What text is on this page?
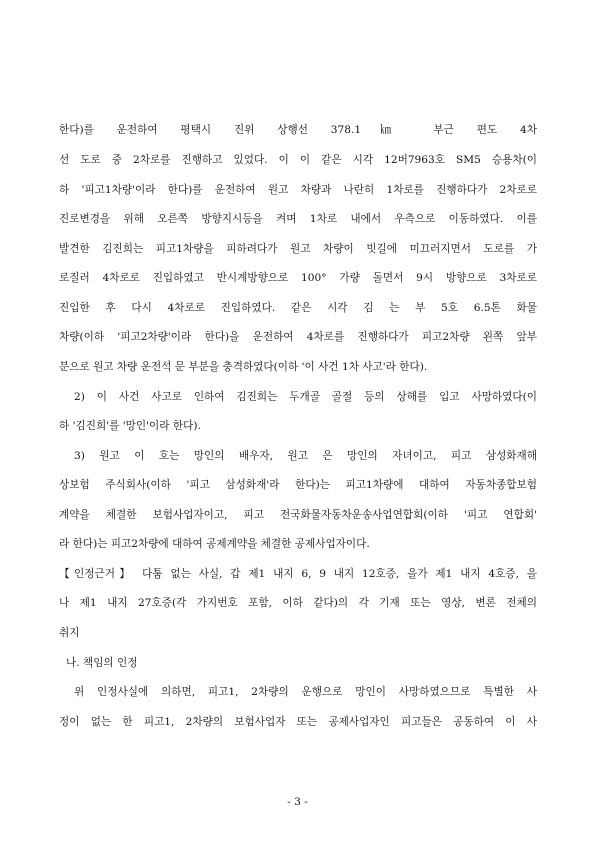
한다)를 운전하여 평택시 진위 상행선 378.1㎞ 부근 편도 4차
선 도로 중 2차로를 진행하고 있었다. 이 이 같은 시각 12버7963호 SM5 승용차(이
하 '피고1차량'이라 한다)를 운전하여 원고 차량과 나란히 1차로를 진행하다가 2차로로
진로변경을 위해 오른쪽 방향지시등을 켜며 1차로 내에서 우측으로 이동하였다. 이를
발견한 김진희는 피고1차량을 피하려다가 원고 차량이 빗길에 미끄러지면서 도로를 가
로질러 4차로로 진입하였고 반시계방향으로 100° 가량 돌면서 9시 방향으로 3차로로
진입한 후 다시 4차로로 진입하였다. 같은 시각 김 는 부 5호 6.5톤 화물
차량(이하 '피고2차량'이라 한다)을 운전하여 4차로를 진행하다가 피고2차량 왼쪽 앞부
분으로 원고 차량 운전석 문 부분을 충격하였다(이하 '이 사건 1차 사고'라 한다).
2) 이 사건 사고로 인하여 김진희는 두개골 골절 등의 상해를 입고 사망하였다(이
하 '김진희'를 '망인'이라 한다).
3) 원고 이 호는 망인의 배우자, 원고 은 망인의 자녀이고, 피고 삼성화재해
상보험 주식회사(이하 '피고 삼성화재'라 한다)는 피고1차량에 대하여 자동차종합보험
계약을 체결한 보험사업자이고, 피고 전국화물자동차운송사업연합회(이하 '피고 연합회'
라 한다)는 피고2차량에 대하여 공제계약을 체결한 공제사업자이다.
【인정근거】 다툼 없는 사실, 갑 제1 내지 6, 9 내지 12호증, 을가 제1 내지 4호증, 을
나 제1 내지 27호증(각 가지번호 포함, 이하 같다)의 각 기재 또는 영상, 변론 전체의
취지
나. 책임의 인정
위 인정사실에 의하면, 피고1, 2차량의 운행으로 망인이 사망하였으므로 특별한 사
정이 없는 한 피고1, 2차량의 보험사업자 또는 공제사업자인 피고들은 공동하여 이 사
- 3 -
